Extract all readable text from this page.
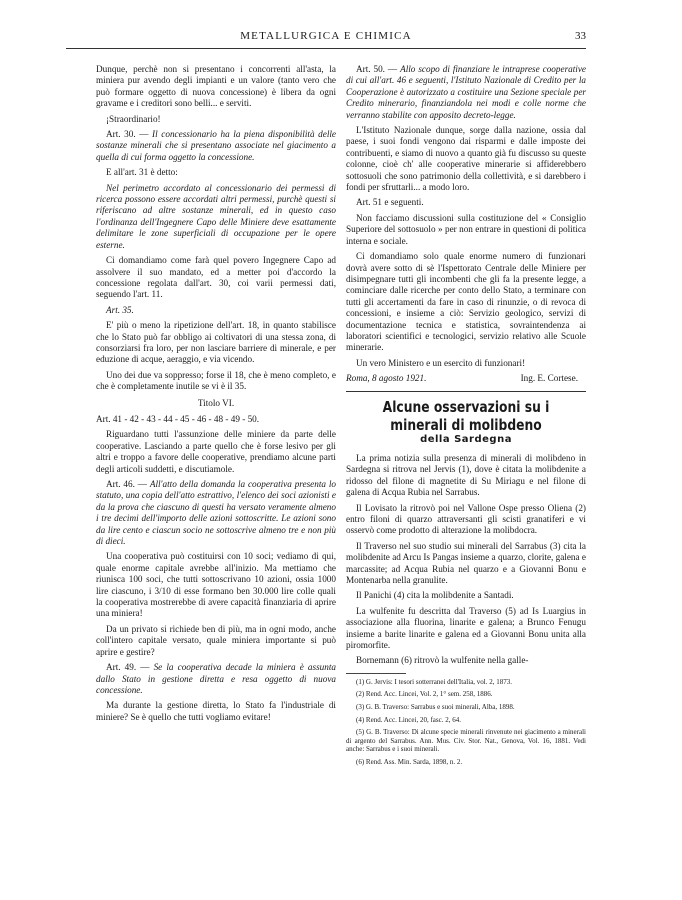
METALLURGICA E CHIMICA	33

Dunque, perchè non si presentano i concorrenti all'asta, la miniera pur avendo degli impianti e un valore (tanto vero che può formare oggetto di nuova concessione) è libera da ogni gravame e i creditori sono belli... e serviti.

¡Straordinario!

Art. 30. — Il concessionario ha la piena disponibilità delle sostanze minerali che si presentano associate nel giacimento a quella di cui forma oggetto la concessione.

E all'art. 31 è detto:

Nel perimetro accordato al concessionario dei permessi di ricerca possono essere accordati altri permessi, purchè questi si riferiscano ad altre sostanze minerali, ed in questo caso l'ordinanza dell'Ingegnere Capo delle Miniere deve esattamente delimitare le zone superficiali di occupazione per le opere esterne.

Ci domandiamo come farà quel povero Ingegnere Capo ad assolvere il suo mandato, ed a metter poi d'accordo la concessione regolata dall'art. 30, coi varii permessi dati, seguendo l'art. 11.

Art. 35.

E' più o meno la ripetizione dell'art. 18, in quanto stabilisce che lo Stato può far obbligo ai coltivatori di una stessa zona, di consorziarsi fra loro, per non lasciare barriere di minerale, e per eduzione di acque, aeraggio, e via vicendo.

Uno dei due va soppresso; forse il 18, che è meno completo, e che è completamente inutile se vi è il 35.

Titolo VI.

Art. 41 - 42 - 43 - 44 - 45 - 46 - 48 - 49 - 50.

Riguardano tutti l'assunzione delle miniere da parte delle cooperative. Lasciando a parte quello che è forse lesivo per gli altri e troppo a favore delle cooperative, prendiamo alcune parti degli articoli suddetti, e discutiamole.

Art. 46. — All'atto della domanda la cooperativa presenta lo statuto, una copia dell'atto estrattivo, l'elenco dei soci azionisti e da la prova che ciascuno di questi ha versato veramente almeno i tre decimi dell'importo delle azioni sottoscritte. Le azioni sono da lire cento e ciascun socio ne sottoscrive almeno tre e non più di dieci.

Una cooperativa può costituirsi con 10 soci; vediamo di qui, quale enorme capitale avrebbe all'inizio. Ma mettiamo che riunisca 100 soci, che tutti sottoscrivano 10 azioni, ossia 1000 lire ciascuno, i 3/10 di esse formano ben 30.000 lire colle quali la cooperativa mostrerebbe di avere capacità finanziaria di aprire una miniera!

Da un privato si richiede ben di più, ma in ogni modo, anche coll'intero capitale versato, quale miniera importante si può aprire e gestire?

Art. 49. — Se la cooperativa decade la miniera è assunta dallo Stato in gestione diretta e resa oggetto di nuova concessione.

Ma durante la gestione diretta, lo Stato fa l'industriale di miniere? Se è quello che tutti vogliamo evitare!

Art. 50. — Allo scopo di finanziare le intraprese cooperative di cui all'art. 46 e seguenti, l'Istituto Nazionale di Credito per la Cooperazione è autorizzato a costituire una Sezione speciale per Credito minerario, finanziandola nei modi e colle norme che verranno stabilite con apposito decreto-legge.

L'Istituto Nazionale dunque, sorge dalla nazione, ossia dal paese, i suoi fondi vengono dai risparmi e dalle imposte dei contribuenti, e siamo di nuovo a quanto già fu discusso su queste colonne, cioè ch' alle cooperative minerarie si affiderebbero sottosuoli che sono patrimonio della collettività, e si darebbero i fondi per sfruttarli... a modo loro.

Art. 51 e seguenti.

Non facciamo discussioni sulla costituzione del « Consiglio Superiore del sottosuolo » per non entrare in questioni di politica interna e sociale.

Ci domandiamo solo quale enorme numero di funzionari dovrà avere sotto di sè l'Ispettorato Centrale delle Miniere per disimpegnare tutti gli incombenti che gli fa la presente legge, a cominciare dalle ricerche per conto dello Stato, a terminare con tutti gli accertamenti da fare in caso di rinunzie, o di revoca di concessioni, e insieme a ciò: Servizio geologico, servizi di documentazione tecnica e statistica, sovraintendenza ai laboratori scientifici e tecnologici, servizio relativo alle Scuole minerarie.

Un vero Ministero e un esercito di funzionari!

Roma, 8 agosto 1921.	Ing. E. Cortese.
Alcune osservazioni su i minerali di molibdeno
della Sardegna

La prima notizia sulla presenza di minerali di molibdeno in Sardegna si ritrova nel Jervis (1), dove è citata la molibdenite a ridosso del filone di magnetite di Su Miriagu e nel filone di galena di Acqua Rubia nel Sarrabus.

Il Lovisato la ritrovò poi nel Vallone Ospe presso Oliena (2) entro filoni di quarzo attraversanti gli scisti granatiferi e vi osservò come prodotto di alterazione la molibdocra.

Il Traverso nel suo studio sui minerali del Sarrabus (3) cita la molibdenite ad Arcu Is Pangas insieme a quarzo, clorite, galena e marcassite; ad Acqua Rubia nel quarzo e a Giovanni Bonu e Montenarba nella granulite.

Il Panichi (4) cita la molibdenite a Santadi.

La wulfenite fu descritta dal Traverso (5) ad Is Luargius in associazione alla fluorina, linarite e galena; a Brunco Fenugu insieme a barite linarite e galena ed a Giovanni Bonu unita alla piromorfite.

Bornemann (6) ritrovò la wulfenite nella galle-

(1) G. Jervis: I tesori sotterranei dell'Italia, vol. 2, 1873.

(2) Rend. Acc. Lincei, Vol. 2, 1° sem. 258, 1886.

(3) G. B. Traverso: Sarrabus e suoi minerali, Alba, 1898.

(4) Rend. Acc. Lincei, 20, fasc. 2, 64.

(5) G. B. Traverso: Di alcune specie minerali rinvenute nei giacimento a minerali di argento del Sarrabus. Ann. Mus. Civ. Stor. Nat., Genova, Vol. 16, 1881. Vedi anche: Sarrabus e i suoi minerali.

(6) Rend. Ass. Min. Sarda, 1898, n. 2.
